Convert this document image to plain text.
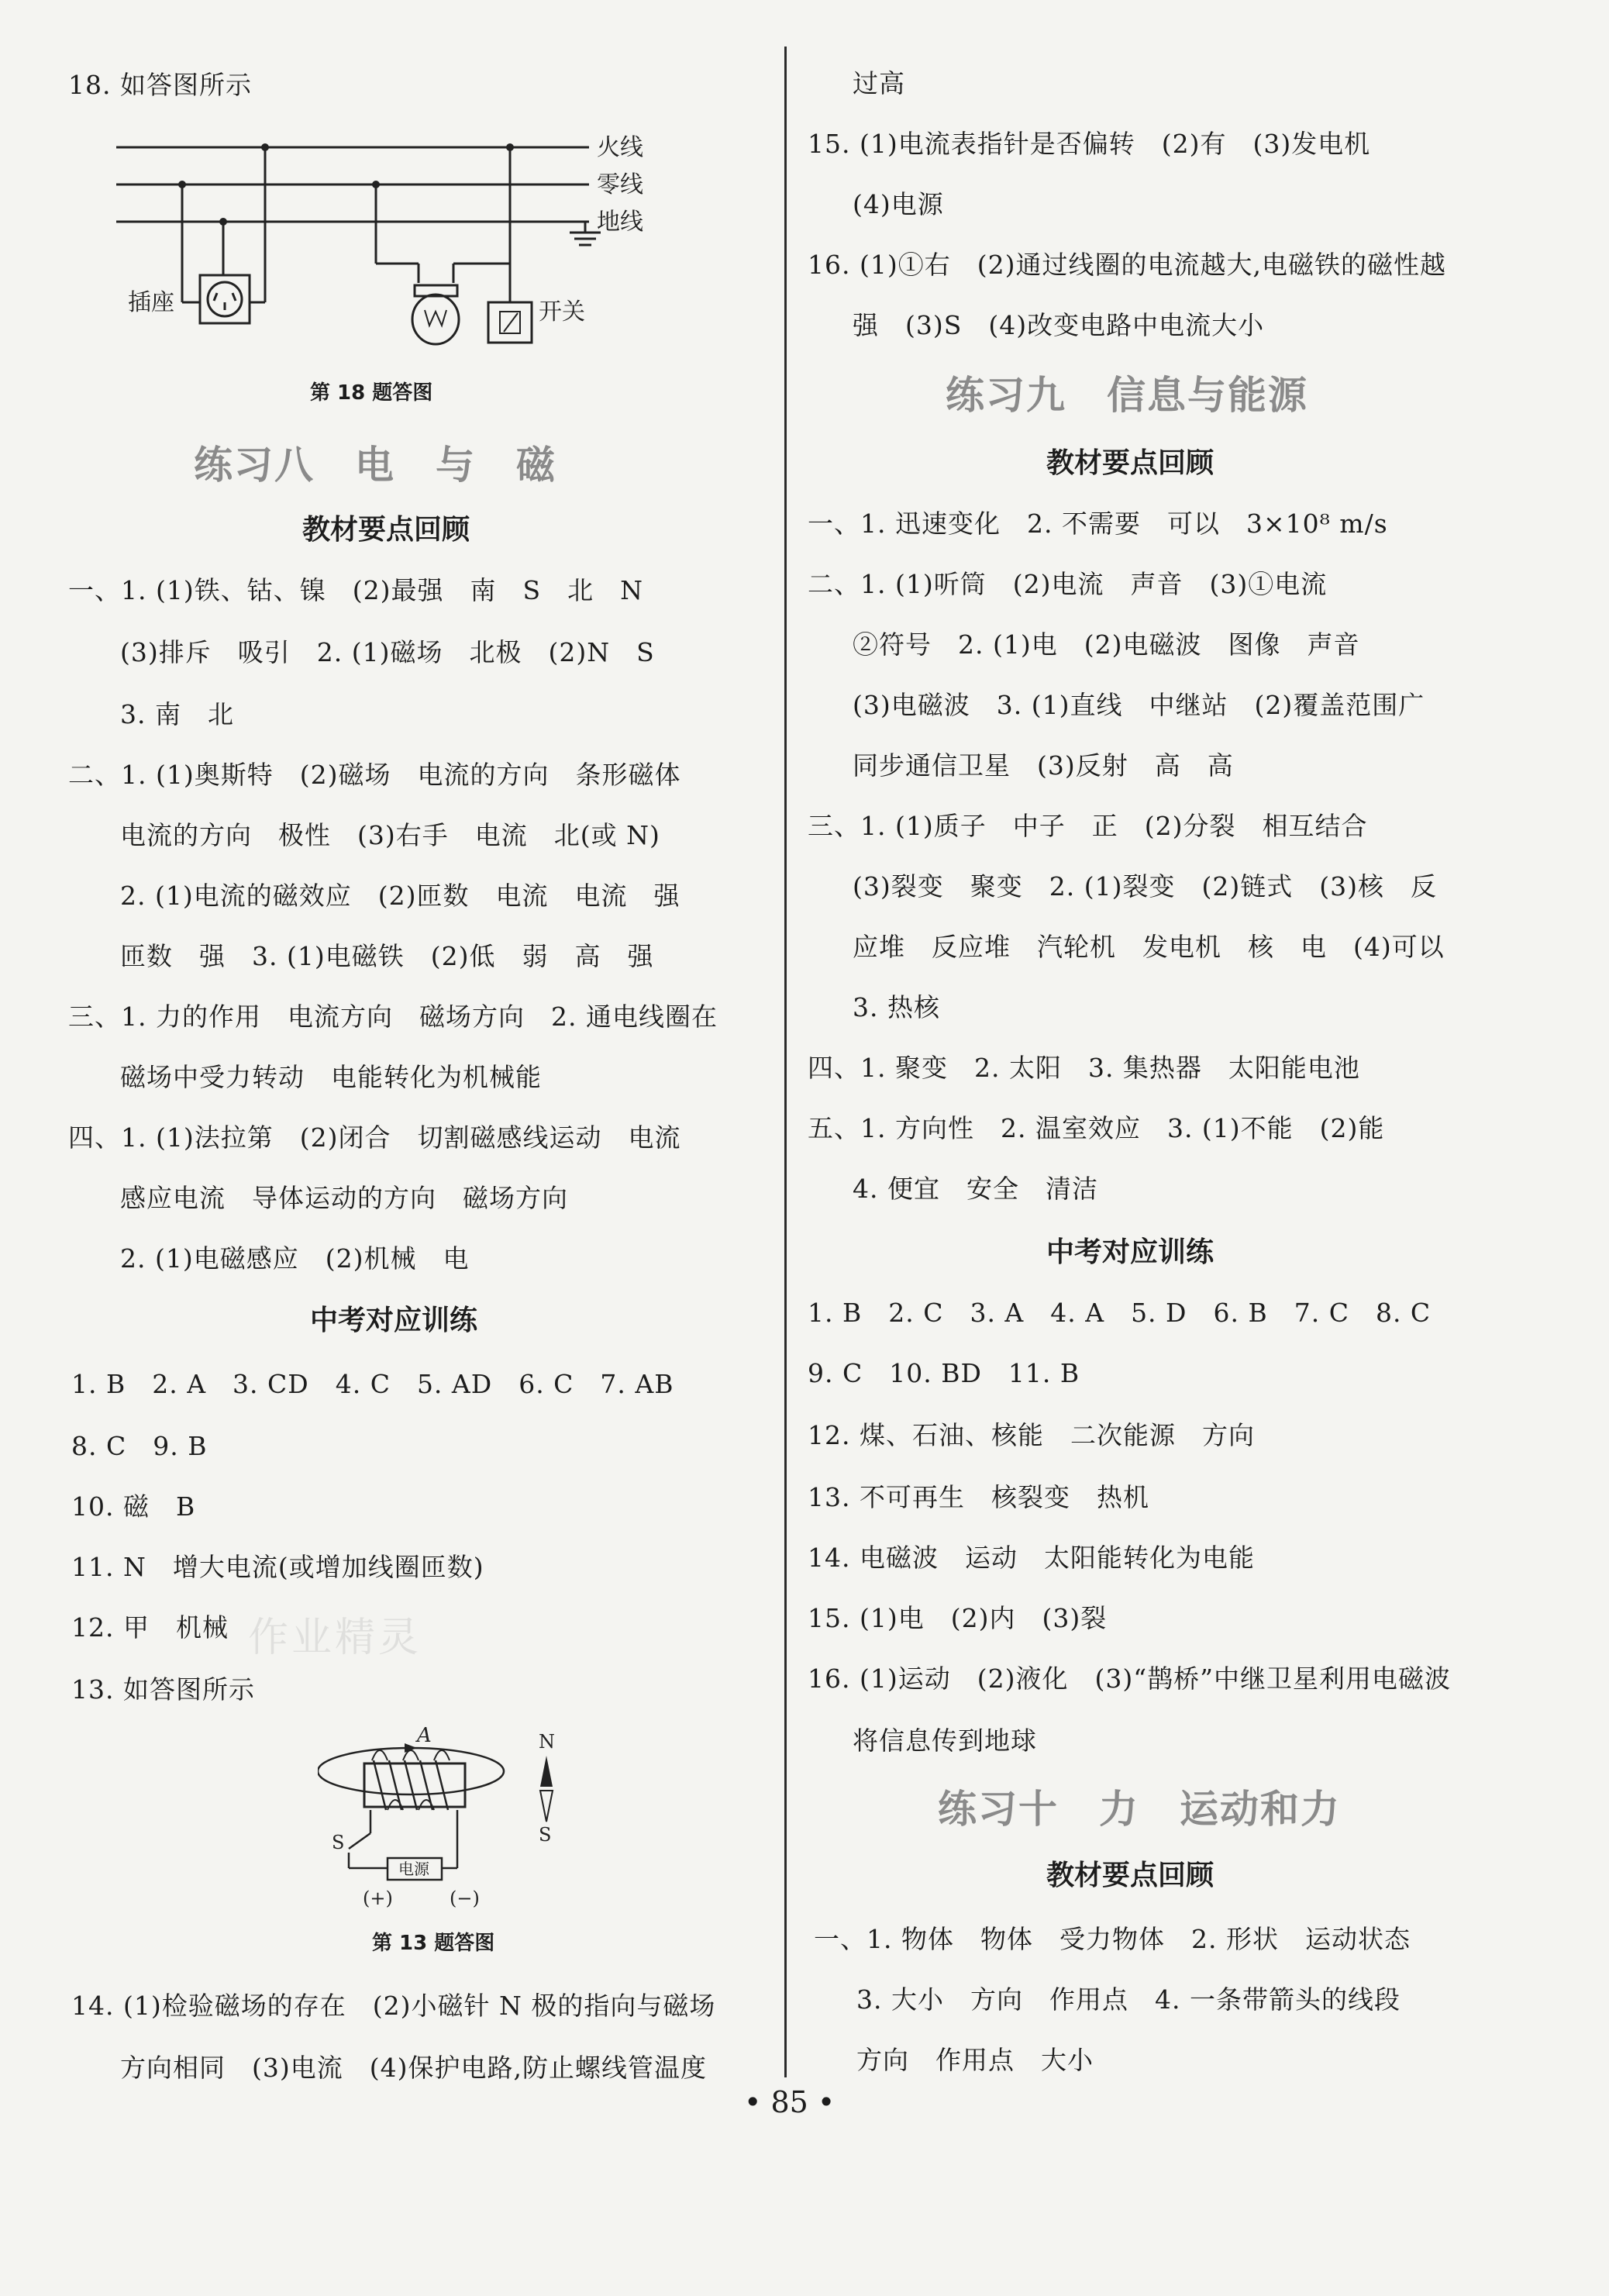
18. 如答图所示
火线
零线
地线
插座	开关
第 18 题答图
练习八　电　与　磁
教材要点回顾
一、1. (1)铁、钴、镍　(2)最强　南　S　北　N
(3)排斥　吸引　2. (1)磁场　北极　(2)N　S
3. 南　北
二、1. (1)奥斯特　(2)磁场　电流的方向　条形磁体
电流的方向　极性　(3)右手　电流　北(或 N)
2. (1)电流的磁效应　(2)匝数　电流　电流　强
匝数　强　3. (1)电磁铁　(2)低　弱　高　强
三、1. 力的作用　电流方向　磁场方向　2. 通电线圈在
磁场中受力转动　电能转化为机械能
四、1. (1)法拉第　(2)闭合　切割磁感线运动　电流
感应电流　导体运动的方向　磁场方向
2. (1)电磁感应　(2)机械　电
中考对应训练
1. B　2. A　3. CD　4. C　5. AD　6. C　7. AB
8. C　9. B
10. 磁　B
11. N　增大电流(或增加线圈匝数)
12. 甲　机械
13. 如答图所示
A
电源
S
(+)	(−)
N
S
第 13 题答图
14. (1)检验磁场的存在　(2)小磁针 N 极的指向与磁场
方向相同　(3)电流　(4)保护电路,防止螺线管温度
作业精灵
过高
15. (1)电流表指针是否偏转　(2)有　(3)发电机
(4)电源
16. (1)①右　(2)通过线圈的电流越大,电磁铁的磁性越
强　(3)S　(4)改变电路中电流大小
练习九　信息与能源
教材要点回顾
一、1. 迅速变化　2. 不需要　可以　3×10⁸ m/s
二、1. (1)听筒　(2)电流　声音　(3)①电流
②符号　2. (1)电　(2)电磁波　图像　声音
(3)电磁波　3. (1)直线　中继站　(2)覆盖范围广
同步通信卫星　(3)反射　高　高
三、1. (1)质子　中子　正　(2)分裂　相互结合
(3)裂变　聚变　2. (1)裂变　(2)链式　(3)核　反
应堆　反应堆　汽轮机　发电机　核　电　(4)可以
3. 热核
四、1. 聚变　2. 太阳　3. 集热器　太阳能电池
五、1. 方向性　2. 温室效应　3. (1)不能　(2)能
4. 便宜　安全　清洁
中考对应训练
1. B　2. C　3. A　4. A　5. D　6. B　7. C　8. C
9. C　10. BD　11. B
12. 煤、石油、核能　二次能源　方向
13. 不可再生　核裂变　热机
14. 电磁波　运动　太阳能转化为电能
15. (1)电　(2)内　(3)裂
16. (1)运动　(2)液化　(3)“鹊桥”中继卫星利用电磁波
将信息传到地球
练习十　力　运动和力
教材要点回顾
一、1. 物体　物体　受力物体　2. 形状　运动状态
3. 大小　方向　作用点　4. 一条带箭头的线段
方向　作用点　大小
• 85 •
